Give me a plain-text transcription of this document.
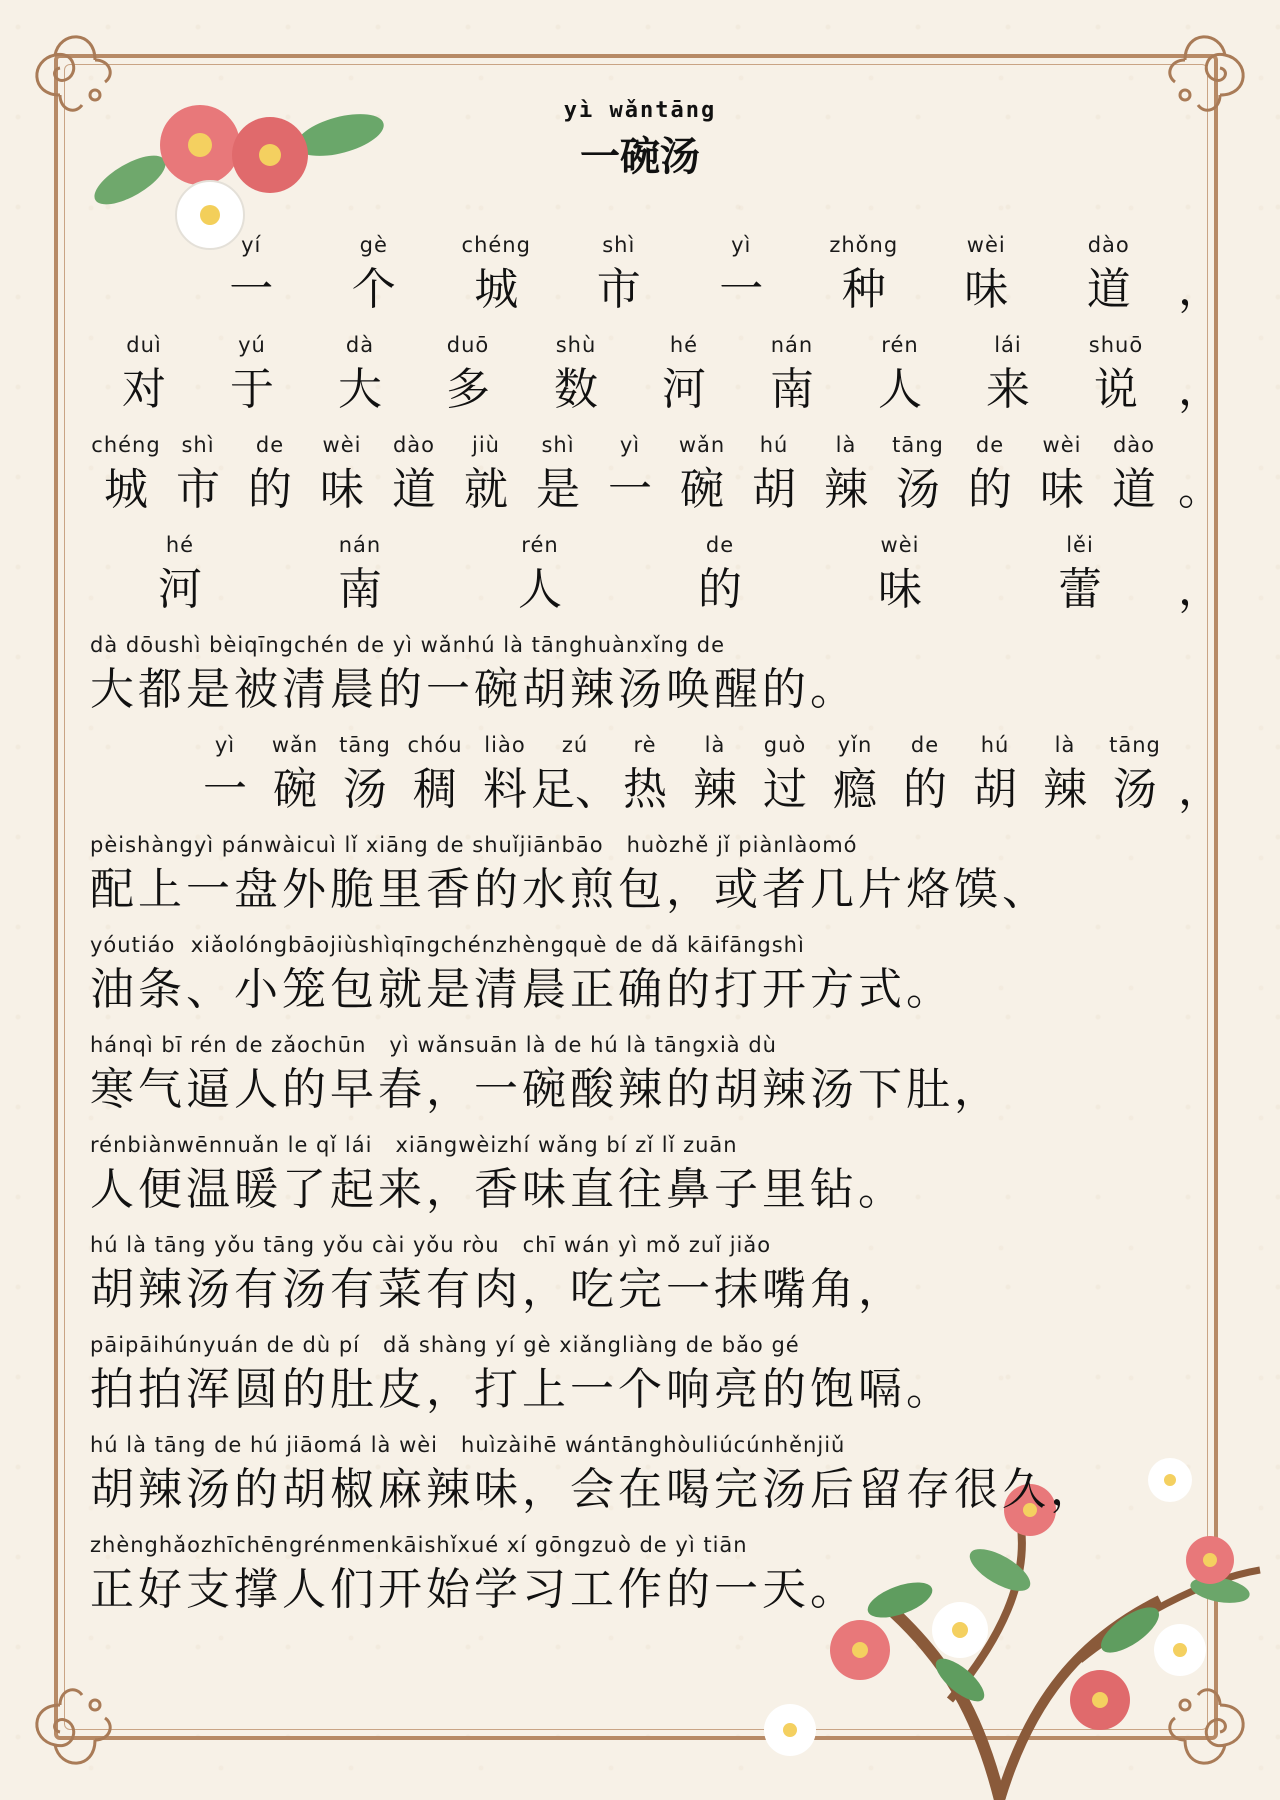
yì wǎntāng
一碗汤
yí
一
gè
个
chéng
城
shì
市
yì
一
zhǒng
种
wèi
味
dào
道 ，
duì
对
yú
于
dà
大
duō
多
shù
数
hé
河
nán
南
rén
人
lái
来
shuō
说 ，
chéng
城
shì
市
de
的
wèi
味
dào
道
jiù
就
shì
是
yì
一
wǎn
碗
hú
胡
là
辣
tāng
汤
de
的
wèi
味
dào
道 。
hé
河
nán
南
rén
人
de
的
wèi
味
lěi
蕾 ，
dà dōushì bèiqīngchén de yì wǎnhú là tānghuànxǐng de
大都是被清晨的一碗胡辣汤唤醒的。
yì
一
wǎn
碗
tāng
汤
chóu
稠
liào
料
zú
足、
rè
热
là
辣
guò
过
yǐn
瘾
de
的
hú
胡
là
辣
tāng
汤 ，
pèishàngyì pánwàicuì lǐ xiāng de shuǐjiānbāo   huòzhě jǐ piànlàomó
配上一盘外脆里香的水煎包，或者几片烙馍、
yóutiáo  xiǎolóngbāojiùshìqīngchénzhèngquè de dǎ kāifāngshì
油条、小笼包就是清晨正确的打开方式。
hánqì bī rén de zǎochūn   yì wǎnsuān là de hú là tāngxià dù
寒气逼人的早春，一碗酸辣的胡辣汤下肚，
rénbiànwēnnuǎn le qǐ lái   xiāngwèizhí wǎng bí zǐ lǐ zuān
人便温暖了起来，香味直往鼻子里钻。
hú là tāng yǒu tāng yǒu cài yǒu ròu   chī wán yì mǒ zuǐ jiǎo
胡辣汤有汤有菜有肉，吃完一抹嘴角，
pāipāihúnyuán de dù pí   dǎ shàng yí gè xiǎngliàng de bǎo gé
拍拍浑圆的肚皮，打上一个响亮的饱嗝。
hú là tāng de hú jiāomá là wèi   huìzàihē wántānghòuliúcúnhěnjiǔ
胡辣汤的胡椒麻辣味，会在喝完汤后留存很久，
zhènghǎozhīchēngrénmenkāishǐxué xí gōngzuò de yì tiān
正好支撑人们开始学习工作的一天。
